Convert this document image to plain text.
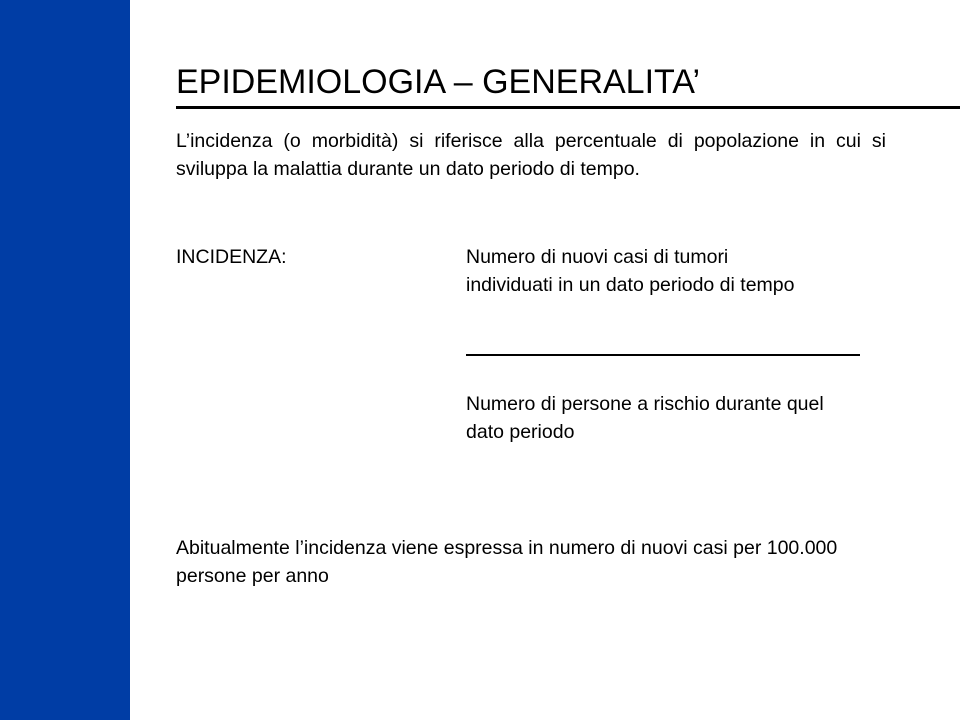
EPIDEMIOLOGIA – GENERALITA’

L’incidenza (o morbidità) si riferisce alla percentuale di popolazione in cui si sviluppa la malattia durante un dato periodo di tempo.

INCIDENZA:	Numero di nuovi casi di tumori individuati in un dato periodo di tempo
Numero di persone a rischio durante quel dato periodo

Abitualmente l’incidenza viene espressa in numero di nuovi casi per 100.000 persone per anno
